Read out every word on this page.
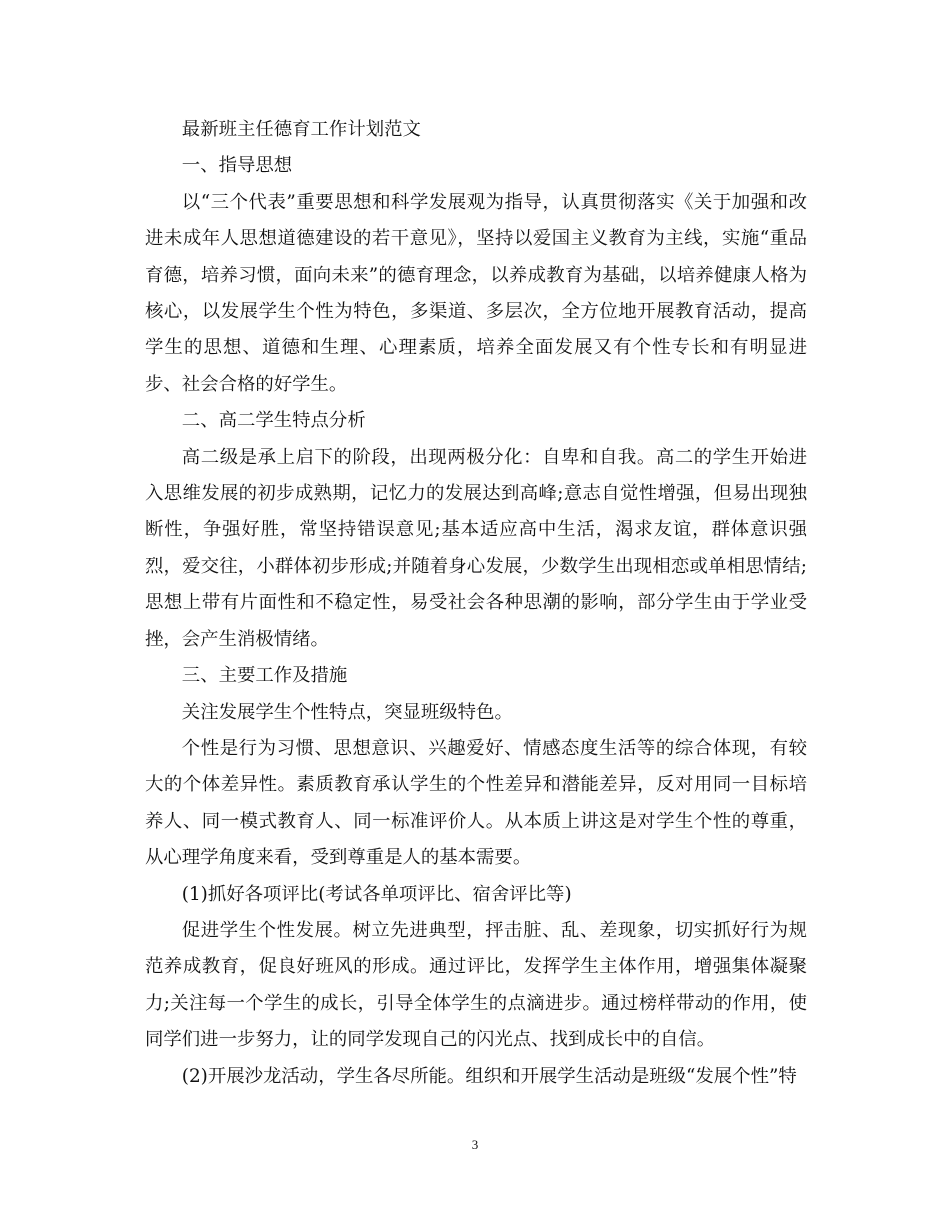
最新班主任德育工作计划范文

一、指导思想

以“三个代表”重要思想和科学发展观为指导，认真贯彻落实《关于加强和改进未成年人思想道德建设的若干意见》，坚持以爱国主义教育为主线，实施“重品育德，培养习惯，面向未来”的德育理念，以养成教育为基础，以培养健康人格为核心，以发展学生个性为特色，多渠道、多层次，全方位地开展教育活动，提高学生的思想、道德和生理、心理素质，培养全面发展又有个性专长和有明显进步、社会合格的好学生。

二、高二学生特点分析

高二级是承上启下的阶段，出现两极分化：自卑和自我。高二的学生开始进入思维发展的初步成熟期，记忆力的发展达到高峰;意志自觉性增强，但易出现独断性，争强好胜，常坚持错误意见;基本适应高中生活，渴求友谊，群体意识强烈，爱交往，小群体初步形成;并随着身心发展，少数学生出现相恋或单相思情结;思想上带有片面性和不稳定性，易受社会各种思潮的影响，部分学生由于学业受挫，会产生消极情绪。

三、主要工作及措施

关注发展学生个性特点，突显班级特色。

个性是行为习惯、思想意识、兴趣爱好、情感态度生活等的综合体现，有较大的个体差异性。素质教育承认学生的个性差异和潜能差异，反对用同一目标培养人、同一模式教育人、同一标准评价人。从本质上讲这是对学生个性的尊重，从心理学角度来看，受到尊重是人的基本需要。

(1)抓好各项评比(考试各单项评比、宿舍评比等)

促进学生个性发展。树立先进典型，抨击脏、乱、差现象，切实抓好行为规范养成教育，促良好班风的形成。通过评比，发挥学生主体作用，增强集体凝聚力;关注每一个学生的成长，引导全体学生的点滴进步。通过榜样带动的作用，使同学们进一步努力，让的同学发现自己的闪光点、找到成长中的自信。

(2)开展沙龙活动，学生各尽所能。组织和开展学生活动是班级“发展个性”特

3
